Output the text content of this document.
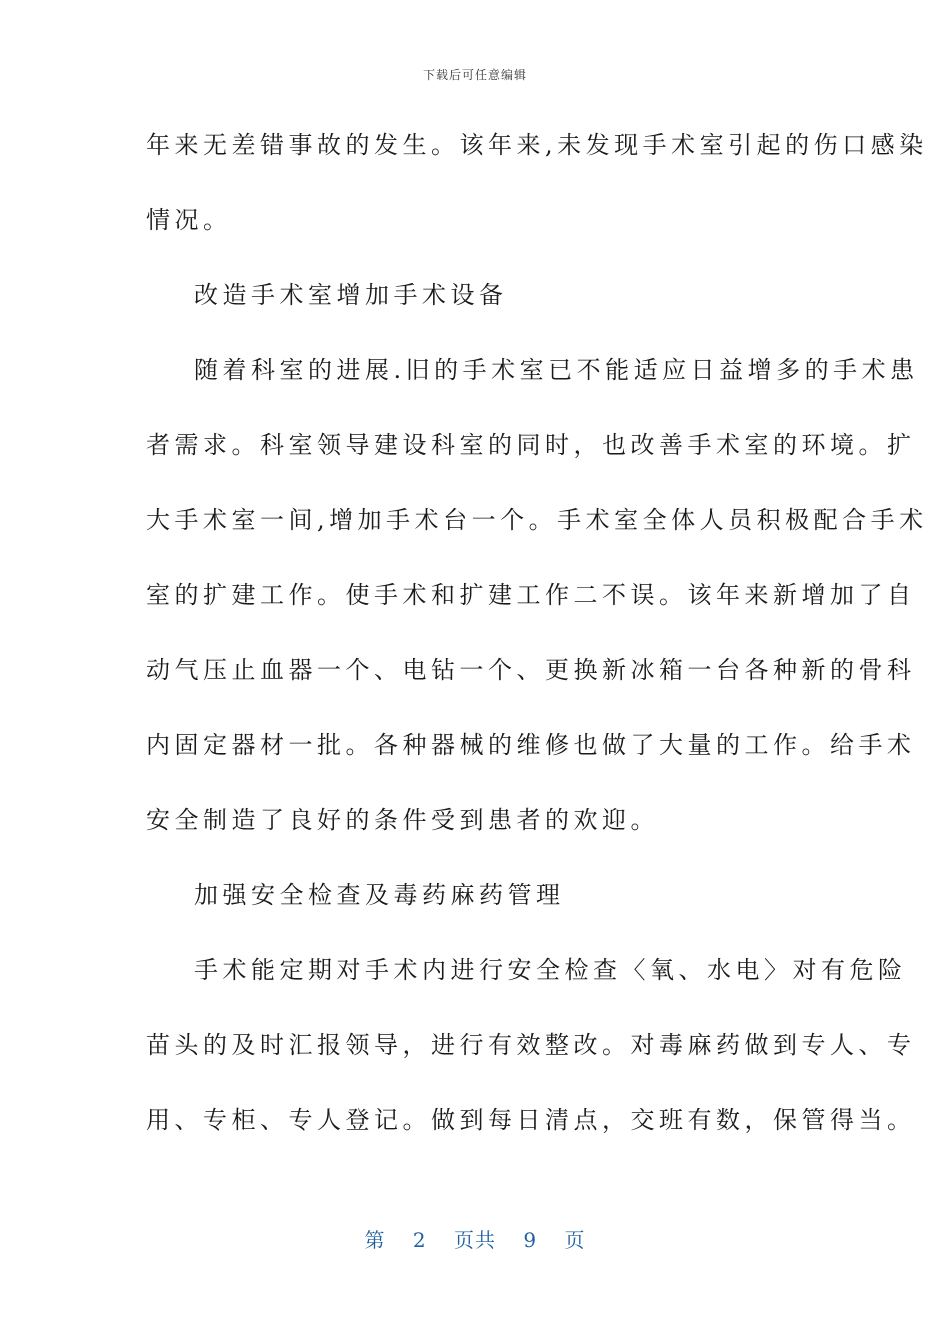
下载后可任意编辑
年来无差错事故的发生。该年来,未发现手术室引起的伤口感染
情况。
改造手术室增加手术设备
随着科室的进展.旧的手术室已不能适应日益增多的手术患
者需求。科室领导建设科室的同时，也改善手术室的环境。扩
大手术室一间,增加手术台一个。手术室全体人员积极配合手术
室的扩建工作。使手术和扩建工作二不误。该年来新增加了自
动气压止血器一个、电钻一个、更换新冰箱一台各种新的骨科
内固定器材一批。各种器械的维修也做了大量的工作。给手术
安全制造了良好的条件受到患者的欢迎。
加强安全检查及毒药麻药管理
手术能定期对手术内进行安全检查〈氧、水电〉对有危险
苗头的及时汇报领导，进行有效整改。对毒麻药做到专人、专
用、专柜、专人登记。做到每日清点，交班有数，保管得当。
第 2 页共 9 页
